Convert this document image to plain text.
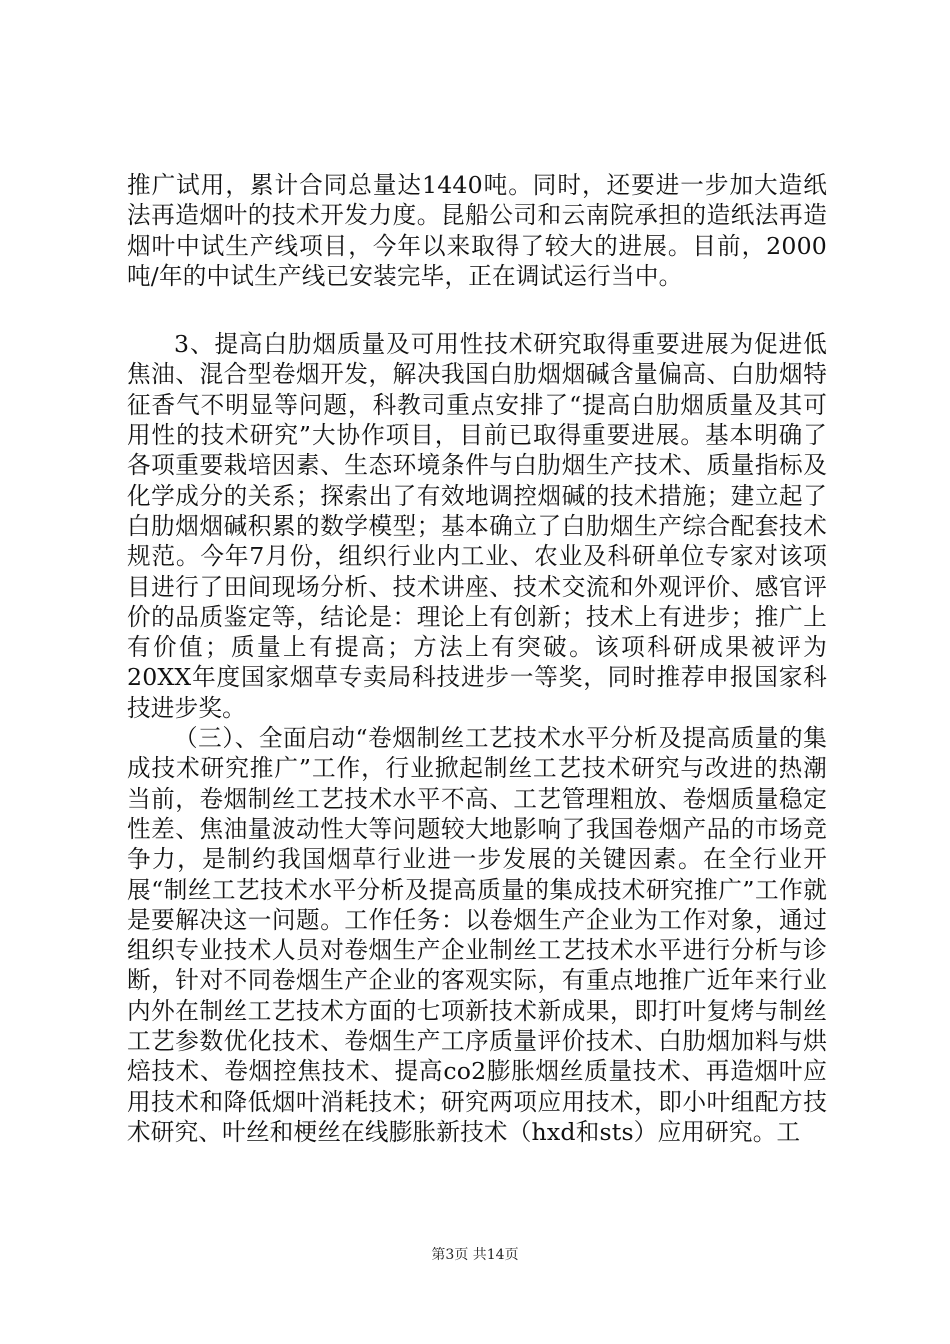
推广试用，累计合同总量达1440吨。同时，还要进一步加大造纸法再造烟叶的技术开发力度。昆船公司和云南院承担的造纸法再造烟叶中试生产线项目，今年以来取得了较大的进展。目前，2000吨/年的中试生产线已安装完毕，正在调试运行当中。

3、提高白肋烟质量及可用性技术研究取得重要进展为促进低焦油、混合型卷烟开发，解决我国白肋烟烟碱含量偏高、白肋烟特征香气不明显等问题，科教司重点安排了“提高白肋烟质量及其可用性的技术研究”大协作项目，目前已取得重要进展。基本明确了各项重要栽培因素、生态环境条件与白肋烟生产技术、质量指标及化学成分的关系；探索出了有效地调控烟碱的技术措施；建立起了白肋烟烟碱积累的数学模型；基本确立了白肋烟生产综合配套技术规范。今年7月份，组织行业内工业、农业及科研单位专家对该项目进行了田间现场分析、技术讲座、技术交流和外观评价、感官评价的品质鉴定等，结论是：理论上有创新；技术上有进步；推广上有价值；质量上有提高；方法上有突破。该项科研成果被评为20XX年度国家烟草专卖局科技进步一等奖，同时推荐申报国家科技进步奖。

（三）、全面启动“卷烟制丝工艺技术水平分析及提高质量的集成技术研究推广”工作，行业掀起制丝工艺技术研究与改进的热潮当前，卷烟制丝工艺技术水平不高、工艺管理粗放、卷烟质量稳定性差、焦油量波动性大等问题较大地影响了我国卷烟产品的市场竞争力，是制约我国烟草行业进一步发展的关键因素。在全行业开展“制丝工艺技术水平分析及提高质量的集成技术研究推广”工作就是要解决这一问题。工作任务：以卷烟生产企业为工作对象，通过组织专业技术人员对卷烟生产企业制丝工艺技术水平进行分析与诊断，针对不同卷烟生产企业的客观实际，有重点地推广近年来行业内外在制丝工艺技术方面的七项新技术新成果，即打叶复烤与制丝工艺参数优化技术、卷烟生产工序质量评价技术、白肋烟加料与烘焙技术、卷烟控焦技术、提高co2膨胀烟丝质量技术、再造烟叶应用技术和降低烟叶消耗技术；研究两项应用技术，即小叶组配方技术研究、叶丝和梗丝在线膨胀新技术（hxd和sts）应用研究。工

第3页 共14页
